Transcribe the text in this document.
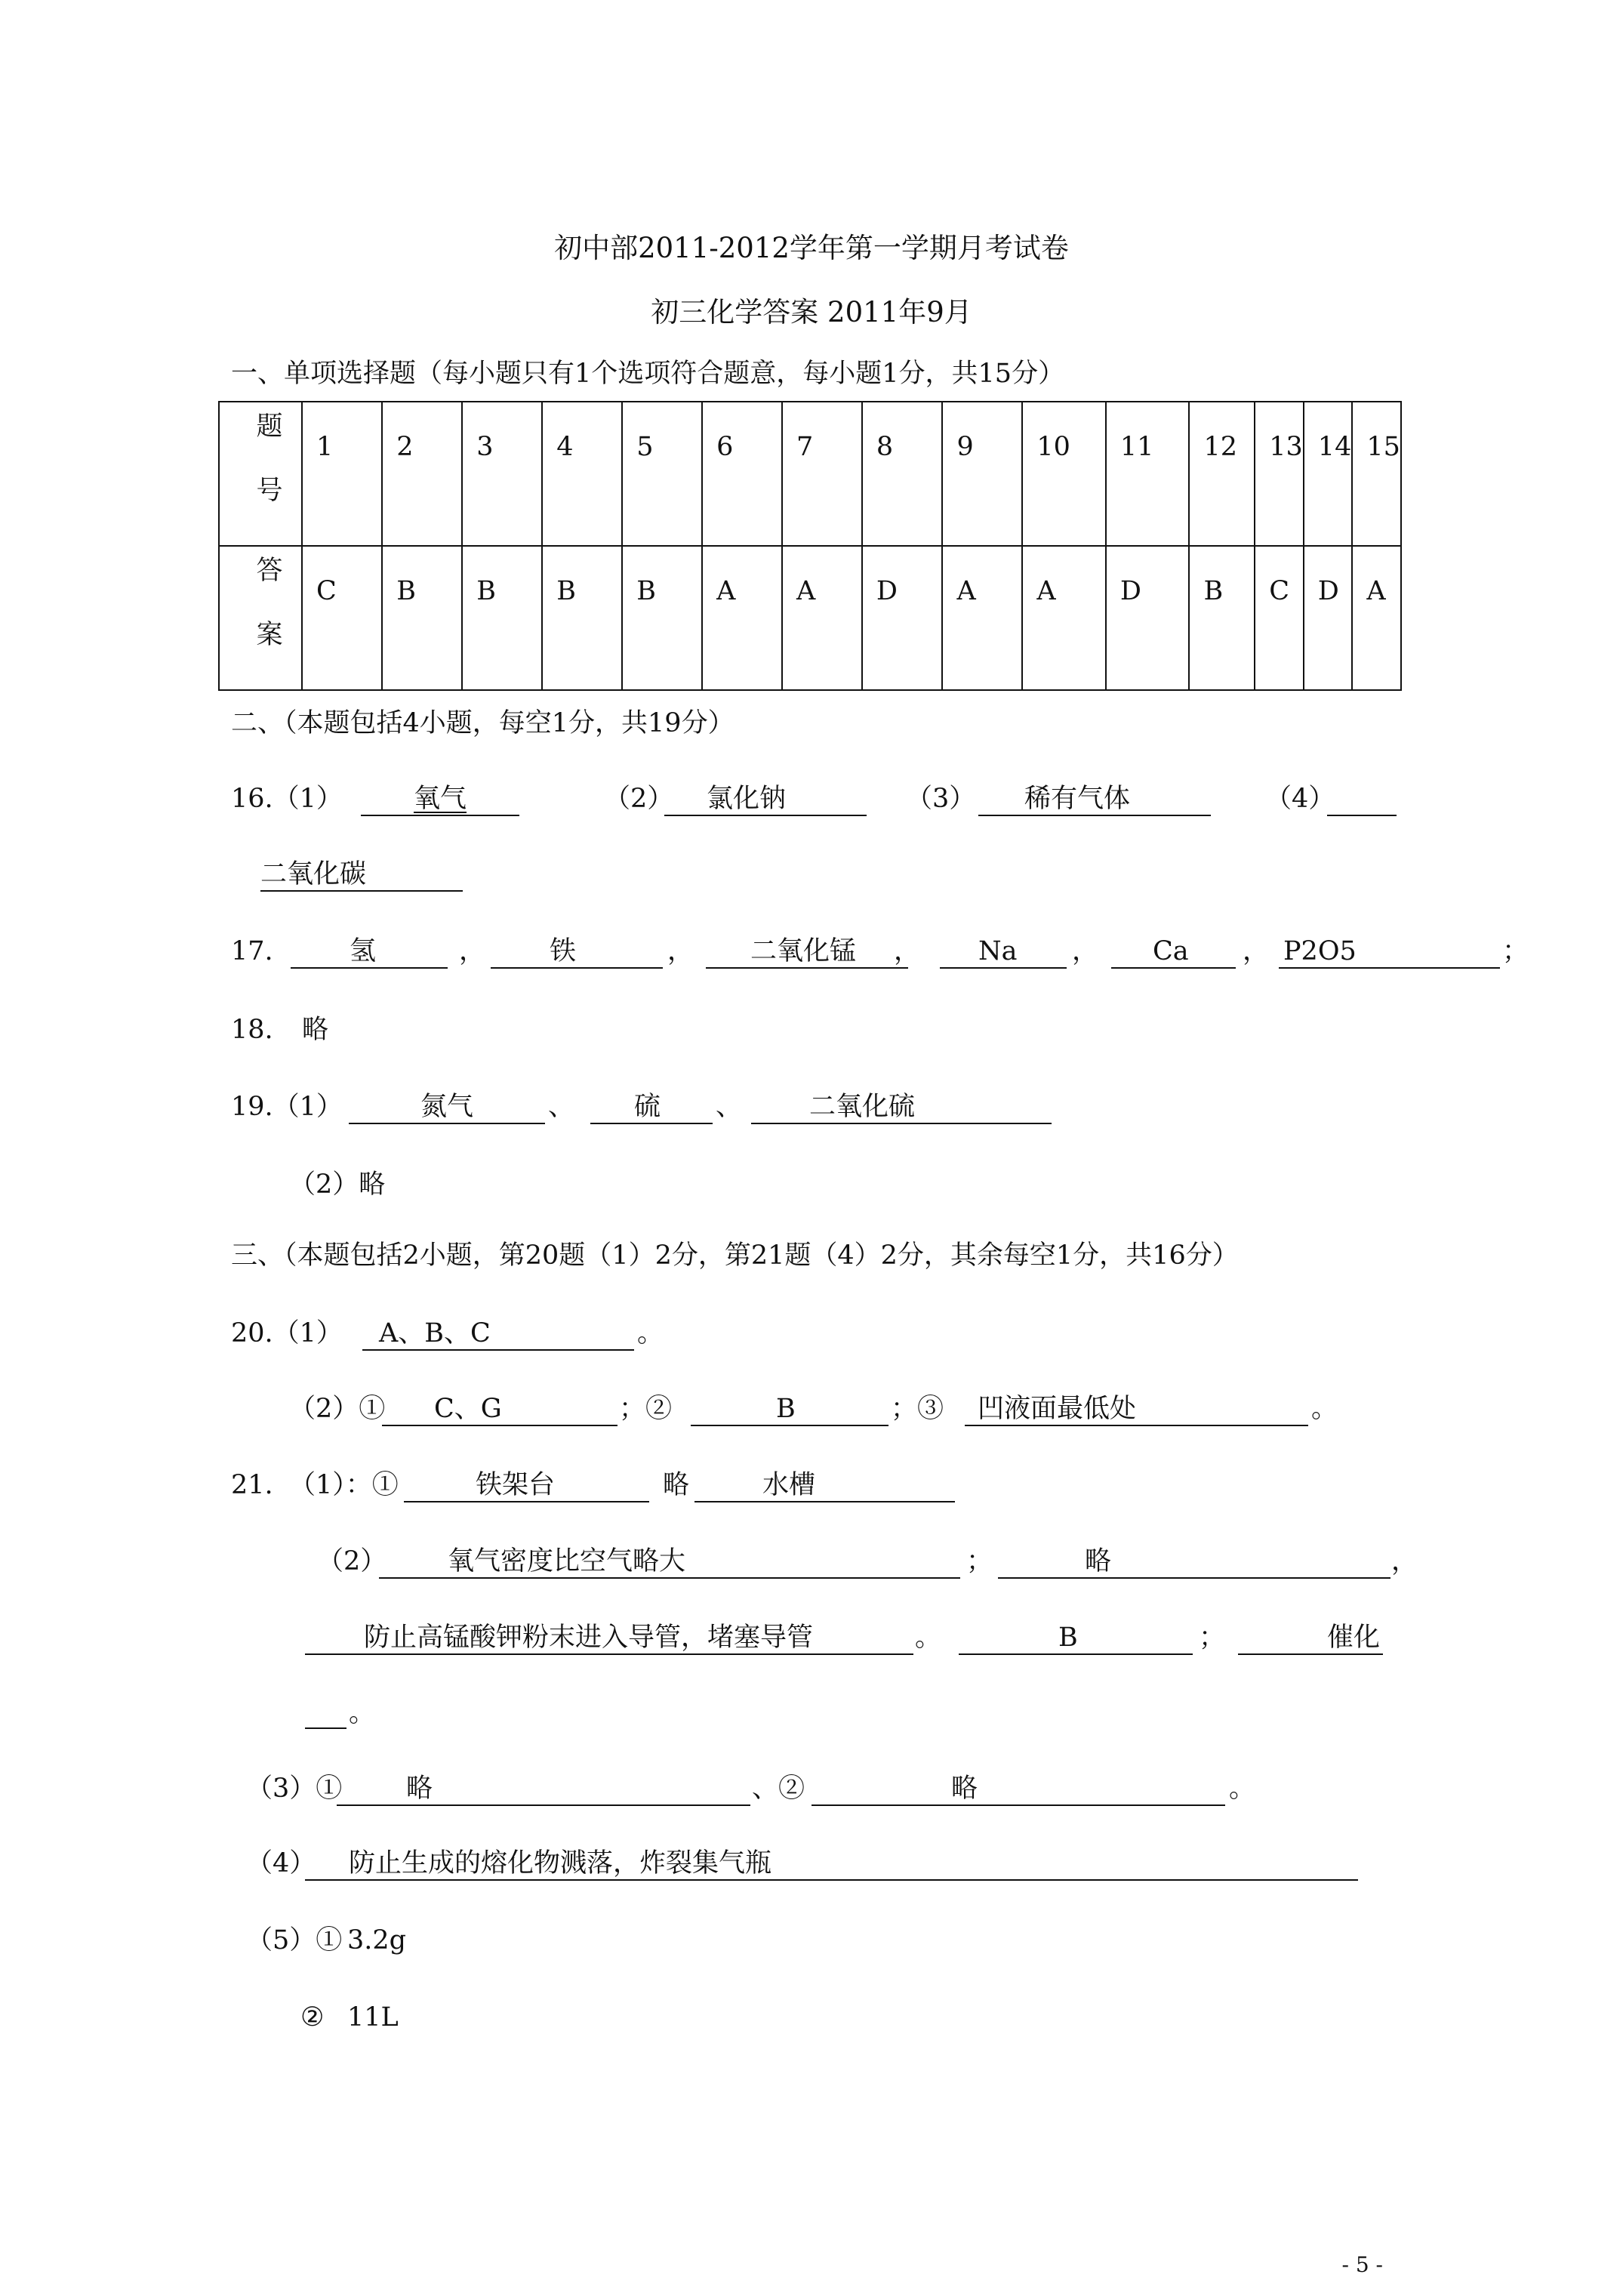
初中部2011-2012学年第一学期月考试卷
初三化学答案 2011年9月
一、单项选择题（每小题只有1个选项符合题意，每小题1分，共15分）
题号	1	2	3	4	5	6	7	8	9	10	11	12	13	14	15
答案	C	B	B	B	B	A	A	D	A	A	D	B	C	D	A
二、（本题包括4小题，每空1分，共19分）
16.（1）	氧气	（2） 氯化钠	（3） 稀有气体	（4）
二氧化碳
17.	氢	， 铁	， 二氧化锰 ， Na ， Ca ， P2O5	；
18. 略
19.（1）	氮气	、 硫 、	二氧化硫
（2）略
三、（本题包括2小题，第20题（1）2分，第21题（4）2分，其余每空1分，共16分）
20.（1） A、B、C	。
（2）① C、G	；②	B	；③ 凹液面最低处	。
21. （1）：①	铁架台	略	水槽
（2） 氧气密度比空气略大	；	略	，
防止高锰酸钾粉末进入导管，堵塞导管	。	B	；	催化
。
（3）① 略	、②	略	。
（4） 防止生成的熔化物溅落，炸裂集气瓶
（5）① 3.2g
② 11L
- 5 -
